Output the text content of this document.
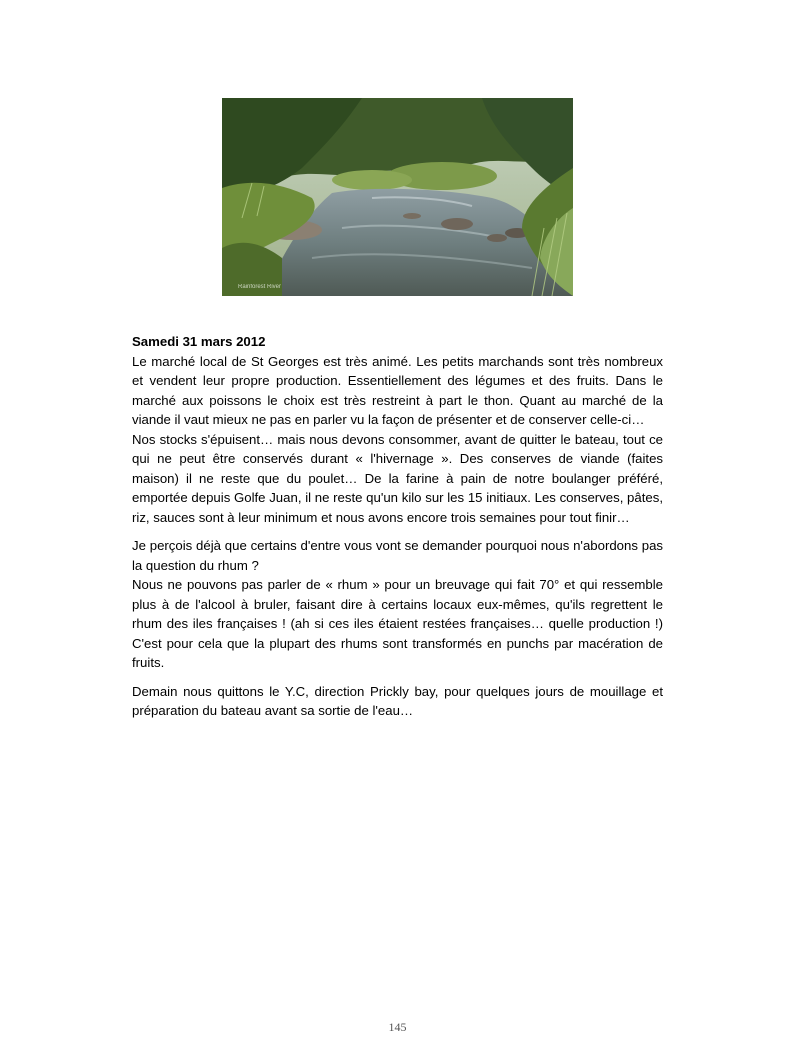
Rainforest River

Samedi 31 mars 2012

Le marché local de St Georges est très animé. Les petits marchands sont très nombreux et vendent leur propre production. Essentiellement des légumes et des fruits. Dans le marché aux poissons le choix est très restreint à part le thon. Quant au marché de la viande il vaut mieux ne pas en parler vu la façon de présenter et de conserver celle-ci…

Nos stocks s'épuisent… mais nous devons consommer, avant de quitter le bateau, tout ce qui ne peut être conservés durant « l'hivernage ». Des conserves de viande (faites maison) il ne reste que du poulet… De la farine à pain de notre boulanger préféré, emportée depuis Golfe Juan, il ne reste qu'un kilo sur les 15 initiaux. Les conserves, pâtes, riz, sauces sont à leur minimum et nous avons encore trois semaines pour tout finir…

Je perçois déjà que certains d'entre vous vont se demander pourquoi nous n'abordons pas la question du rhum ?

Nous ne pouvons pas parler de « rhum » pour un breuvage qui fait 70° et qui ressemble plus à de l'alcool à bruler, faisant dire à certains locaux eux-mêmes, qu'ils regrettent le rhum des iles françaises ! (ah si ces iles étaient restées françaises… quelle production !) C'est pour cela que la plupart des rhums sont transformés en punchs par macération de fruits.

Demain nous quittons le Y.C, direction Prickly bay, pour quelques jours de mouillage et préparation du bateau avant sa sortie de l'eau…

145
